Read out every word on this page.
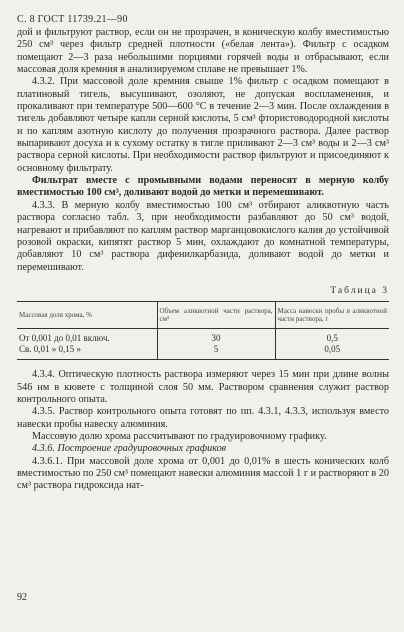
С. 8 ГОСТ 11739.21—90

дой и фильтруют раствор, если он не прозрачен, в коническую колбу вместимостью 250 см³ через фильтр средней плотности («белая лента»). Фильтр с осадком помещают 2—3 раза небольшими порциями горячей воды и отбрасывают, если массовая доля кремния в анализируемом сплаве не превышает 1%.

4.3.2. При массовой доле кремния свыше 1% фильтр с осадком помещают в платиновый тигель, высушивают, озоляют, не допуская воспламенения, и прокаливают при температуре 500—600 °С в течение 2—3 мин. После охлаждения в тигель добавляют четыре капли серной кислоты, 5 см³ фтористоводородной кислоты и по каплям азотную кислоту до получения прозрачного раствора. Далее раствор выпаривают досуха и к сухому остатку в тигле приливают 2—3 см³ воды и 2—3 см³ раствора серной кислоты. При необходимости раствор фильтруют и присоединяют к основному фильтрату.

Фильтрат вместе с промывными водами переносят в мерную колбу вместимостью 100 см³, доливают водой до метки и перемешивают.

4.3.3. В мерную колбу вместимостью 100 см³ отбирают аликвотную часть раствора согласно табл. 3, при необходимости разбавляют до 50 см³ водой, нагревают и прибавляют по каплям раствор марганцовокислого калия до устойчивой розовой окраски, кипятят раствор 5 мин, охлаждают до комнатной температуры, добавляют 10 см³ раствора дифенилкарбазида, доливают водой до метки и перемешивают.

Таблица 3
Массовая доля хрома, %	Объем аликвотной части раствора, см³	Масса навески пробы в аликвотной части раствора, г
От 0,001 до 0,01 включ.	30	0,5
Св. 0,01 » 0,15 »	5	0,05

4.3.4. Оптическую плотность раствора измеряют через 15 мин при длине волны 546 нм в кювете с толщиной слоя 50 мм. Раствором сравнения служит раствор контрольного опыта.

4.3.5. Раствор контрольного опыта готовят по пп. 4.3.1, 4.3.3, используя вместо навески пробы навеску алюминия.

Массовую долю хрома рассчитывают по градуировочному графику.

4.3.6. Построение градуировочных графиков

4.3.6.1. При массовой доле хрома от 0,001 до 0,01% в шесть конических колб вместимостью по 250 см³ помещают навески алюминия массой 1 г и растворяют в 20 см³ раствора гидроксида нат-

92
